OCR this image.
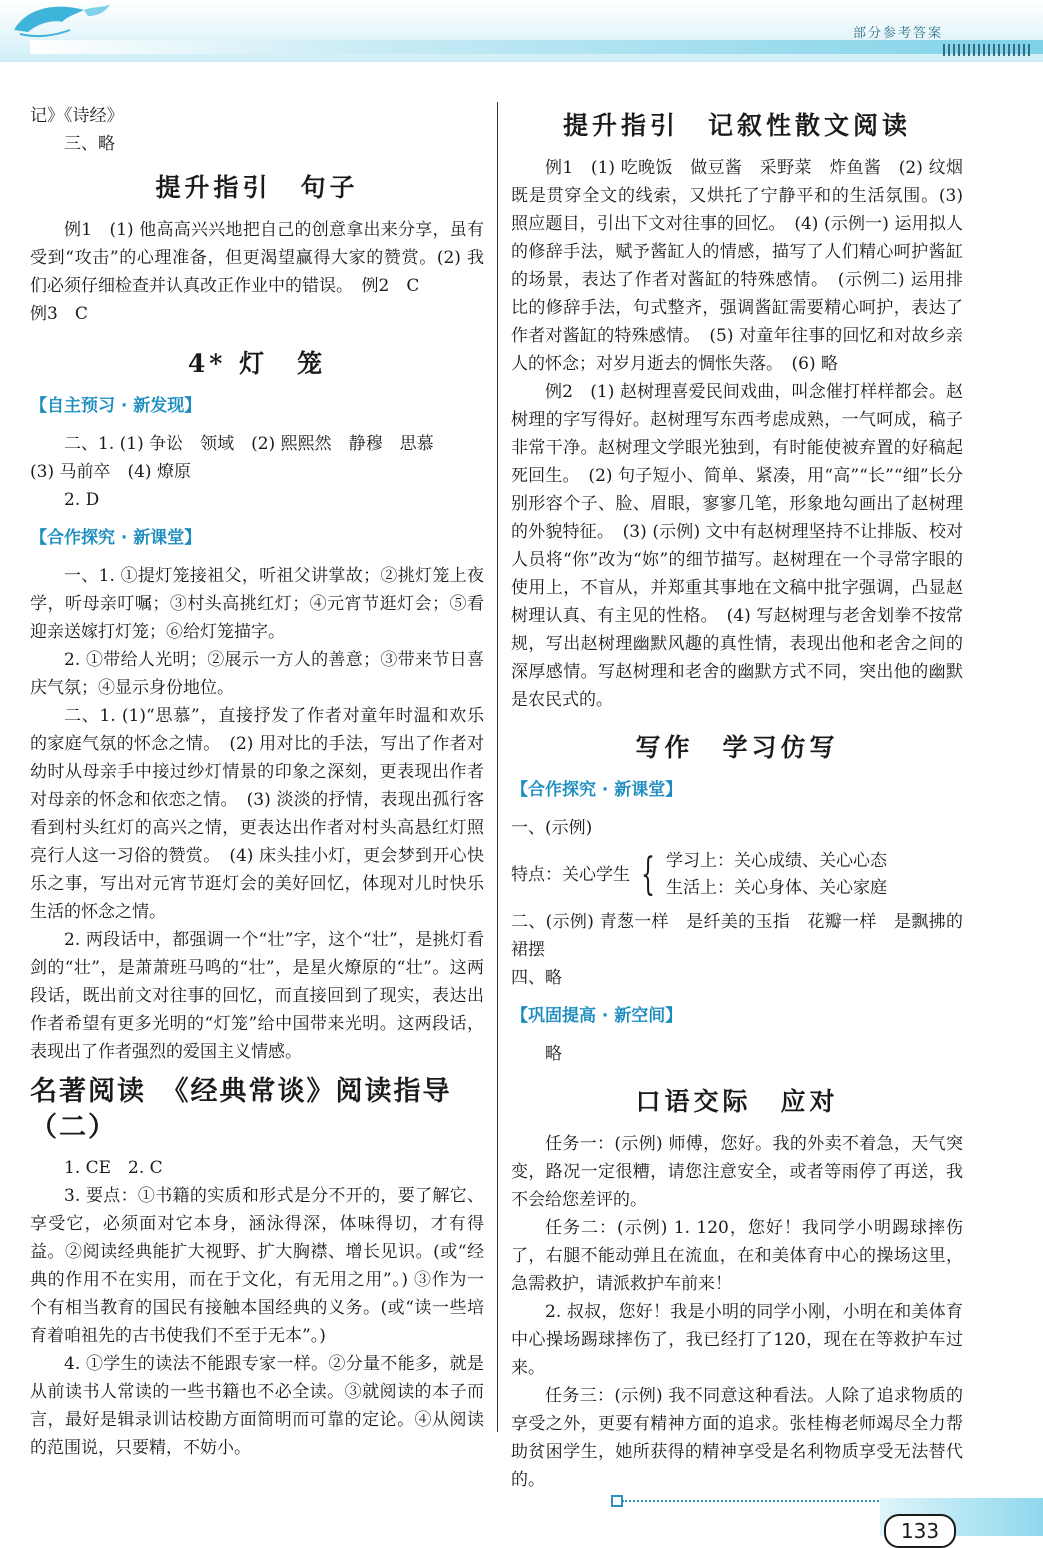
部分参考答案

记》《诗经》

三、略

提升指引　句子

例1　(1) 他高高兴兴地把自己的创意拿出来分享，虽有受到“攻击”的心理准备，但更渴望赢得大家的赞赏。(2) 我们必须仔细检查并认真改正作业中的错误。　例2　C

例3　C

4* 灯　笼
【自主预习 · 新发现】

二、1. (1) 争讼　领域　(2) 熙熙然　静穆　思慕

(3) 马前卒　(4) 燎原

2. D

【合作探究 · 新课堂】

一、1. ①提灯笼接祖父，听祖父讲掌故；②挑灯笼上夜学，听母亲叮嘱；③村头高挑红灯；④元宵节逛灯会；⑤看迎亲送嫁打灯笼；⑥给灯笼描字。

2. ①带给人光明；②展示一方人的善意；③带来节日喜庆气氛；④显示身份地位。

二、1. (1)“思慕”，直接抒发了作者对童年时温和欢乐的家庭气氛的怀念之情。　(2) 用对比的手法，写出了作者对幼时从母亲手中接过纱灯情景的印象之深刻，更表现出作者对母亲的怀念和依恋之情。　(3) 淡淡的抒情，表现出孤行客看到村头红灯的高兴之情，更表达出作者对村头高悬红灯照亮行人这一习俗的赞赏。　(4) 床头挂小灯，更会梦到开心快乐之事，写出对元宵节逛灯会的美好回忆，体现对儿时快乐生活的怀念之情。

2. 两段话中，都强调一个“壮”字，这个“壮”，是挑灯看剑的“壮”，是萧萧班马鸣的“壮”，是星火燎原的“壮”。这两段话，既出前文对往事的回忆，而直接回到了现实，表达出作者希望有更多光明的“灯笼”给中国带来光明。这两段话，表现出了作者强烈的爱国主义情感。

名著阅读　《经典常谈》阅读指导（二）

1. CE　2. C

3. 要点：①书籍的实质和形式是分不开的，要了解它、享受它，必须面对它本身，涵泳得深，体味得切，才有得益。②阅读经典能扩大视野、扩大胸襟、增长见识。(或“经典的作用不在实用，而在于文化，有无用之用”。) ③作为一个有相当教育的国民有接触本国经典的义务。(或“读一些培育着咱祖先的古书使我们不至于无本”。)

4. ①学生的读法不能跟专家一样。②分量不能多，就是从前读书人常读的一些书籍也不必全读。③就阅读的本子而言，最好是辑录训诂校勘方面简明而可靠的定论。④从阅读的范围说，只要精，不妨小。

提升指引　记叙性散文阅读

例1　(1) 吃晚饭　做豆酱　采野菜　炸鱼酱　(2) 纹烟既是贯穿全文的线索，又烘托了宁静平和的生活氛围。(3) 照应题目，引出下文对往事的回忆。　(4) (示例一) 运用拟人的修辞手法，赋予酱缸人的情感，描写了人们精心呵护酱缸的场景，表达了作者对酱缸的特殊感情。　(示例二) 运用排比的修辞手法，句式整齐，强调酱缸需要精心呵护，表达了作者对酱缸的特殊感情。　(5) 对童年往事的回忆和对故乡亲人的怀念；对岁月逝去的惆怅失落。　(6) 略

例2　(1) 赵树理喜爱民间戏曲，叫念催打样样都会。赵树理的字写得好。赵树理写东西考虑成熟，一气呵成，稿子非常干净。赵树理文学眼光独到，有时能使被弃置的好稿起死回生。　(2) 句子短小、简单、紧凑，用“高”“长”“细”长分别形容个子、脸、眉眼，寥寥几笔，形象地勾画出了赵树理的外貌特征。　(3) (示例) 文中有赵树理坚持不让排版、校对人员将“你”改为“妳”的细节描写。赵树理在一个寻常字眼的使用上，不盲从，并郑重其事地在文稿中批字强调，凸显赵树理认真、有主见的性格。　(4) 写赵树理与老舍划拳不按常规，写出赵树理幽默风趣的真性情，表现出他和老舍之间的深厚感情。写赵树理和老舍的幽默方式不同，突出他的幽默是农民式的。

写作　学习仿写
【合作探究 · 新课堂】

一、(示例)

特点：关心学生 { 学习上：关心成绩、关心心态

生活上：关心身体、关心家庭

二、(示例) 青葱一样　是纤美的玉指　花瓣一样　是飘拂的裙摆

四、略

【巩固提高 · 新空间】

略

口语交际　应对

任务一：(示例) 师傅，您好。我的外卖不着急，天气突变，路况一定很糟，请您注意安全，或者等雨停了再送，我不会给您差评的。

任务二：(示例) 1. 120，您好！我同学小明踢球摔伤了，右腿不能动弹且在流血，在和美体育中心的操场这里，急需救护，请派救护车前来！

2. 叔叔，您好！我是小明的同学小刚，小明在和美体育中心操场踢球摔伤了，我已经打了120，现在在等救护车过来。

任务三：(示例) 我不同意这种看法。人除了追求物质的享受之外，更要有精神方面的追求。张桂梅老师竭尽全力帮助贫困学生，她所获得的精神享受是名利物质享受无法替代的。

133
